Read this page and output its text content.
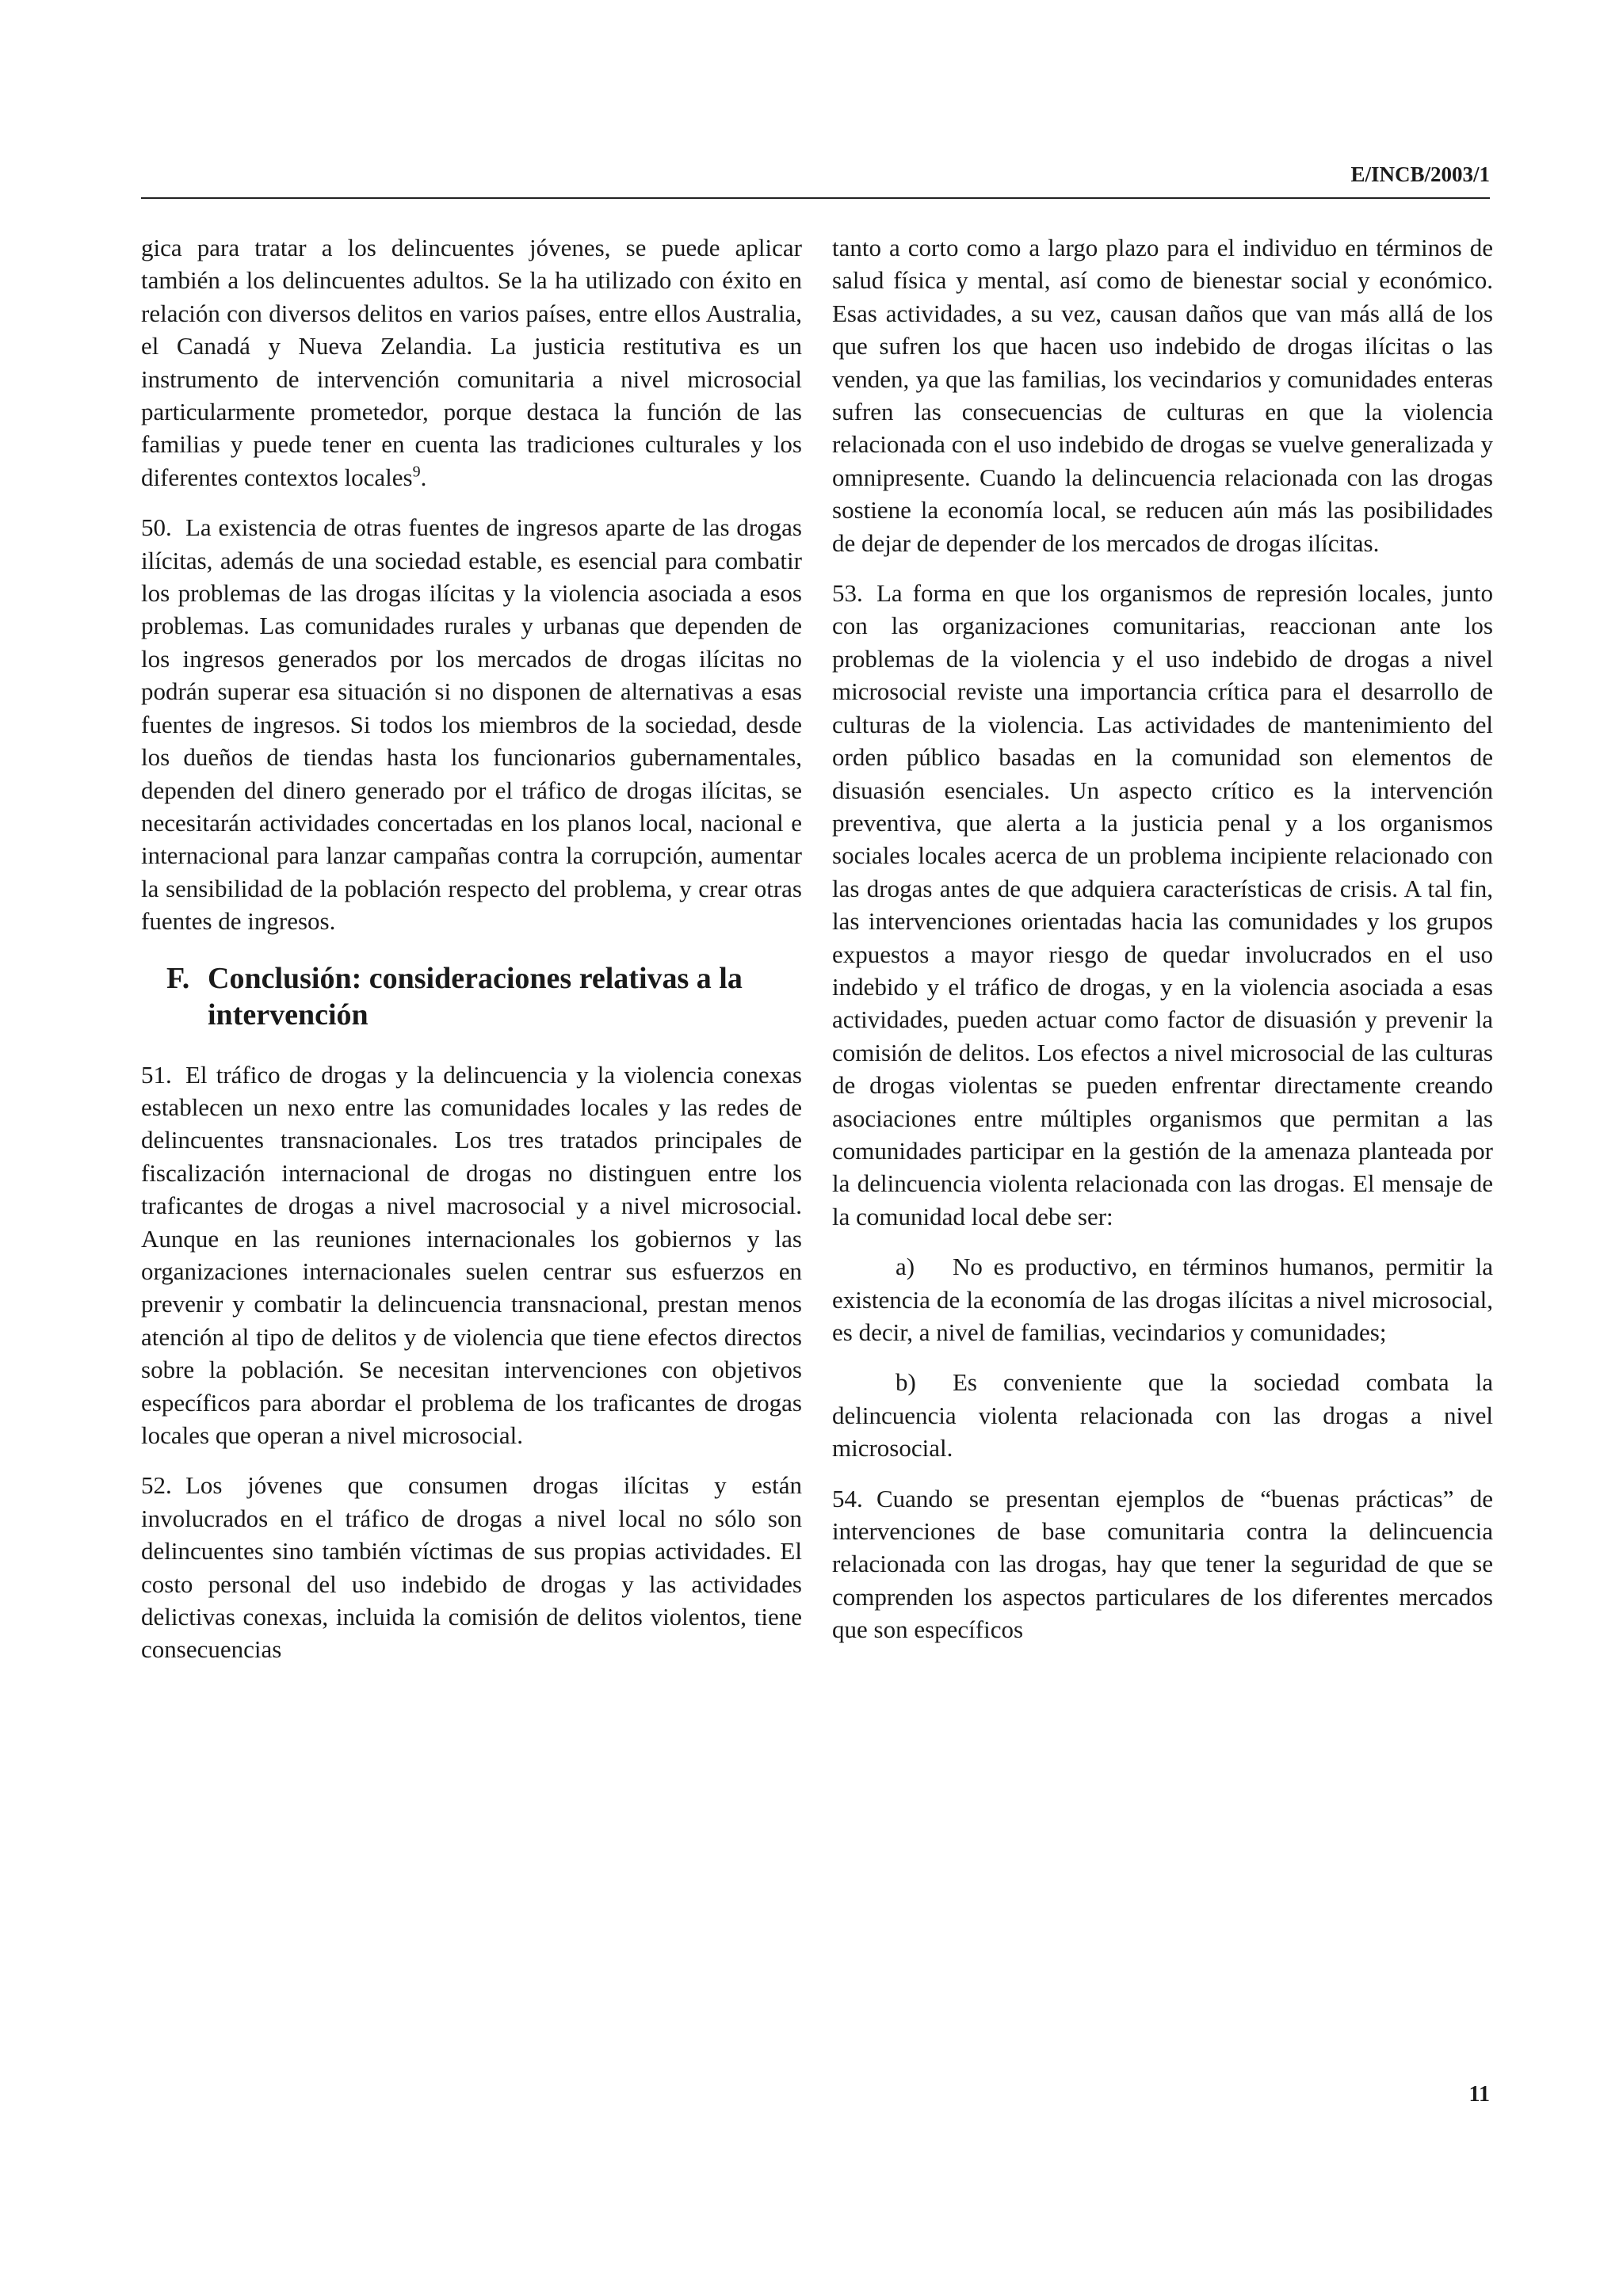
E/INCB/2003/1

gica para tratar a los delincuentes jóvenes, se puede aplicar también a los delincuentes adultos. Se la ha utilizado con éxito en relación con diversos delitos en varios países, entre ellos Australia, el Canadá y Nueva Zelandia. La justicia restitutiva es un instrumento de intervención comunitaria a nivel microsocial particularmente prometedor, porque destaca la función de las familias y puede tener en cuenta las tradiciones culturales y los diferentes contextos locales$^9$.

50. La existencia de otras fuentes de ingresos aparte de las drogas ilícitas, además de una sociedad estable, es esencial para combatir los problemas de las drogas ilícitas y la violencia asociada a esos problemas. Las comunidades rurales y urbanas que dependen de los ingresos generados por los mercados de drogas ilícitas no podrán superar esa situación si no disponen de alternativas a esas fuentes de ingresos. Si todos los miembros de la sociedad, desde los dueños de tiendas hasta los funcionarios gubernamentales, dependen del dinero generado por el tráfico de drogas ilícitas, se necesitarán actividades concertadas en los planos local, nacional e internacional para lanzar campañas contra la corrupción, aumentar la sensibilidad de la población respecto del problema, y crear otras fuentes de ingresos.

F. Conclusión: consideraciones relativas a la intervención

51. El tráfico de drogas y la delincuencia y la violencia conexas establecen un nexo entre las comunidades locales y las redes de delincuentes transnacionales. Los tres tratados principales de fiscalización internacional de drogas no distinguen entre los traficantes de drogas a nivel macrosocial y a nivel microsocial. Aunque en las reuniones internacionales los gobiernos y las organizaciones internacionales suelen centrar sus esfuerzos en prevenir y combatir la delincuencia transnacional, prestan menos atención al tipo de delitos y de violencia que tiene efectos directos sobre la población. Se necesitan intervenciones con objetivos específicos para abordar el problema de los traficantes de drogas locales que operan a nivel microsocial.

52. Los jóvenes que consumen drogas ilícitas y están involucrados en el tráfico de drogas a nivel local no sólo son delincuentes sino también víctimas de sus propias actividades. El costo personal del uso indebido de drogas y las actividades delictivas conexas, incluida la comisión de delitos violentos, tiene consecuencias

tanto a corto como a largo plazo para el individuo en términos de salud física y mental, así como de bienestar social y económico. Esas actividades, a su vez, causan daños que van más allá de los que sufren los que hacen uso indebido de drogas ilícitas o las venden, ya que las familias, los vecindarios y comunidades enteras sufren las consecuencias de culturas en que la violencia relacionada con el uso indebido de drogas se vuelve generalizada y omnipresente. Cuando la delincuencia relacionada con las drogas sostiene la economía local, se reducen aún más las posibilidades de dejar de depender de los mercados de drogas ilícitas.

53. La forma en que los organismos de represión locales, junto con las organizaciones comunitarias, reaccionan ante los problemas de la violencia y el uso indebido de drogas a nivel microsocial reviste una importancia crítica para el desarrollo de culturas de la violencia. Las actividades de mantenimiento del orden público basadas en la comunidad son elementos de disuasión esenciales. Un aspecto crítico es la intervención preventiva, que alerta a la justicia penal y a los organismos sociales locales acerca de un problema incipiente relacionado con las drogas antes de que adquiera características de crisis. A tal fin, las intervenciones orientadas hacia las comunidades y los grupos expuestos a mayor riesgo de quedar involucrados en el uso indebido y el tráfico de drogas, y en la violencia asociada a esas actividades, pueden actuar como factor de disuasión y prevenir la comisión de delitos. Los efectos a nivel microsocial de las culturas de drogas violentas se pueden enfrentar directamente creando asociaciones entre múltiples organismos que permitan a las comunidades participar en la gestión de la amenaza planteada por la delincuencia violenta relacionada con las drogas. El mensaje de la comunidad local debe ser:

a) No es productivo, en términos humanos, permitir la existencia de la economía de las drogas ilícitas a nivel microsocial, es decir, a nivel de familias, vecindarios y comunidades;

b) Es conveniente que la sociedad combata la delincuencia violenta relacionada con las drogas a nivel microsocial.

54. Cuando se presentan ejemplos de “buenas prácticas” de intervenciones de base comunitaria contra la delincuencia relacionada con las drogas, hay que tener la seguridad de que se comprenden los aspectos particulares de los diferentes mercados que son específicos

11
